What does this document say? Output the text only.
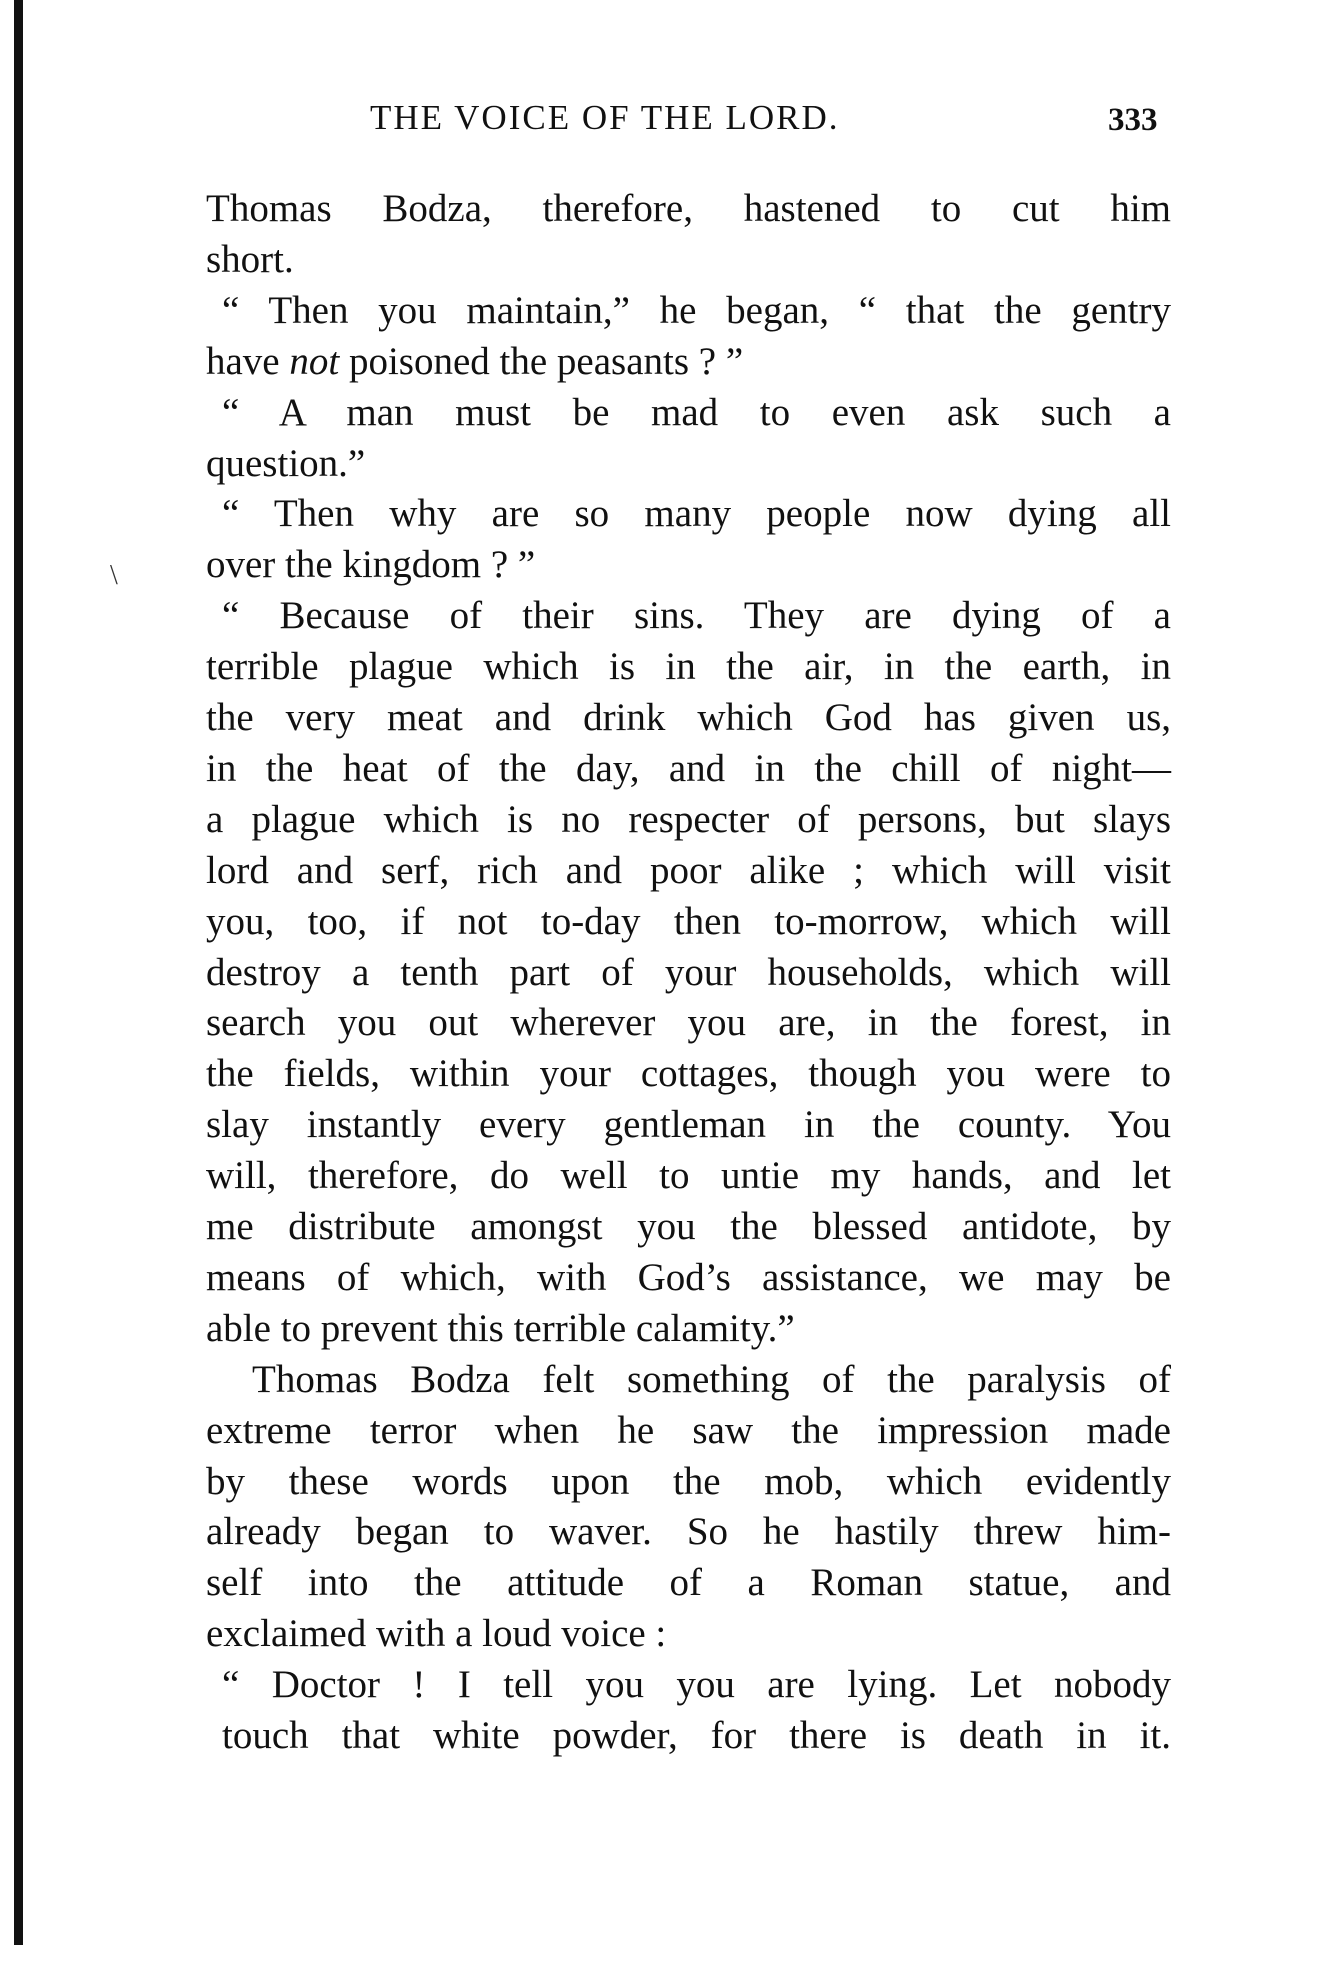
THE VOICE OF THE LORD.	333
\
Thomas Bodza, therefore, hastened to cut him
short.
“ Then you maintain,” he began, “ that the gentry
have not poisoned the peasants ? ”
“ A man must be mad to even ask such a
question.”
“ Then why are so many people now dying all
over the kingdom ? ”
“ Because of their sins. They are dying of a
terrible plague which is in the air, in the earth, in
the very meat and drink which God has given us,
in the heat of the day, and in the chill of night—
a plague which is no respecter of persons, but slays
lord and serf, rich and poor alike ; which will visit
you, too, if not to-day then to-morrow, which will
destroy a tenth part of your households, which will
search you out wherever you are, in the forest, in
the fields, within your cottages, though you were to
slay instantly every gentleman in the county. You
will, therefore, do well to untie my hands, and let
me distribute amongst you the blessed antidote, by
means of which, with God’s assistance, we may be
able to prevent this terrible calamity.”
Thomas Bodza felt something of the paralysis of
extreme terror when he saw the impression made
by these words upon the mob, which evidently
already began to waver. So he hastily threw him-
self into the attitude of a Roman statue, and
exclaimed with a loud voice :
“ Doctor ! I tell you you are lying. Let nobody
touch that white powder, for there is death in it.
